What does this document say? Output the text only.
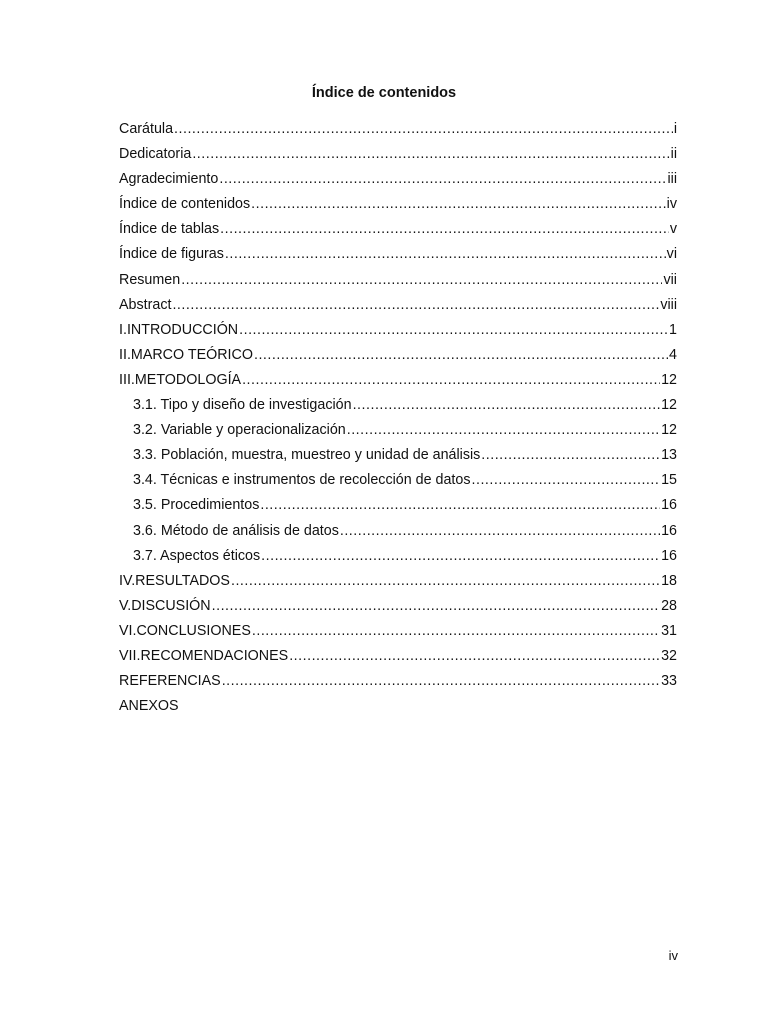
Índice de contenidos
Carátula .....	i
Dedicatoria .....	ii
Agradecimiento .....	iii
Índice de contenidos .....	iv
Índice de tablas .....	v
Índice de figuras .....	vi
Resumen .....	vii
Abstract .....	viii
I.INTRODUCCIÓN .....	1
II.MARCO TEÓRICO .....	4
III.METODOLOGÍA .....	12
3.1. Tipo y diseño de investigación .....	12
3.2. Variable y operacionalización .....	12
3.3. Población, muestra, muestreo y unidad de análisis .....	13
3.4. Técnicas e instrumentos de recolección de datos .....	15
3.5. Procedimientos .....	16
3.6. Método de análisis de datos .....	16
3.7. Aspectos éticos .....	16
IV.RESULTADOS .....	18
V.DISCUSIÓN .....	28
VI.CONCLUSIONES .....	31
VII.RECOMENDACIONES .....	32
REFERENCIAS .....	33
ANEXOS
iv
